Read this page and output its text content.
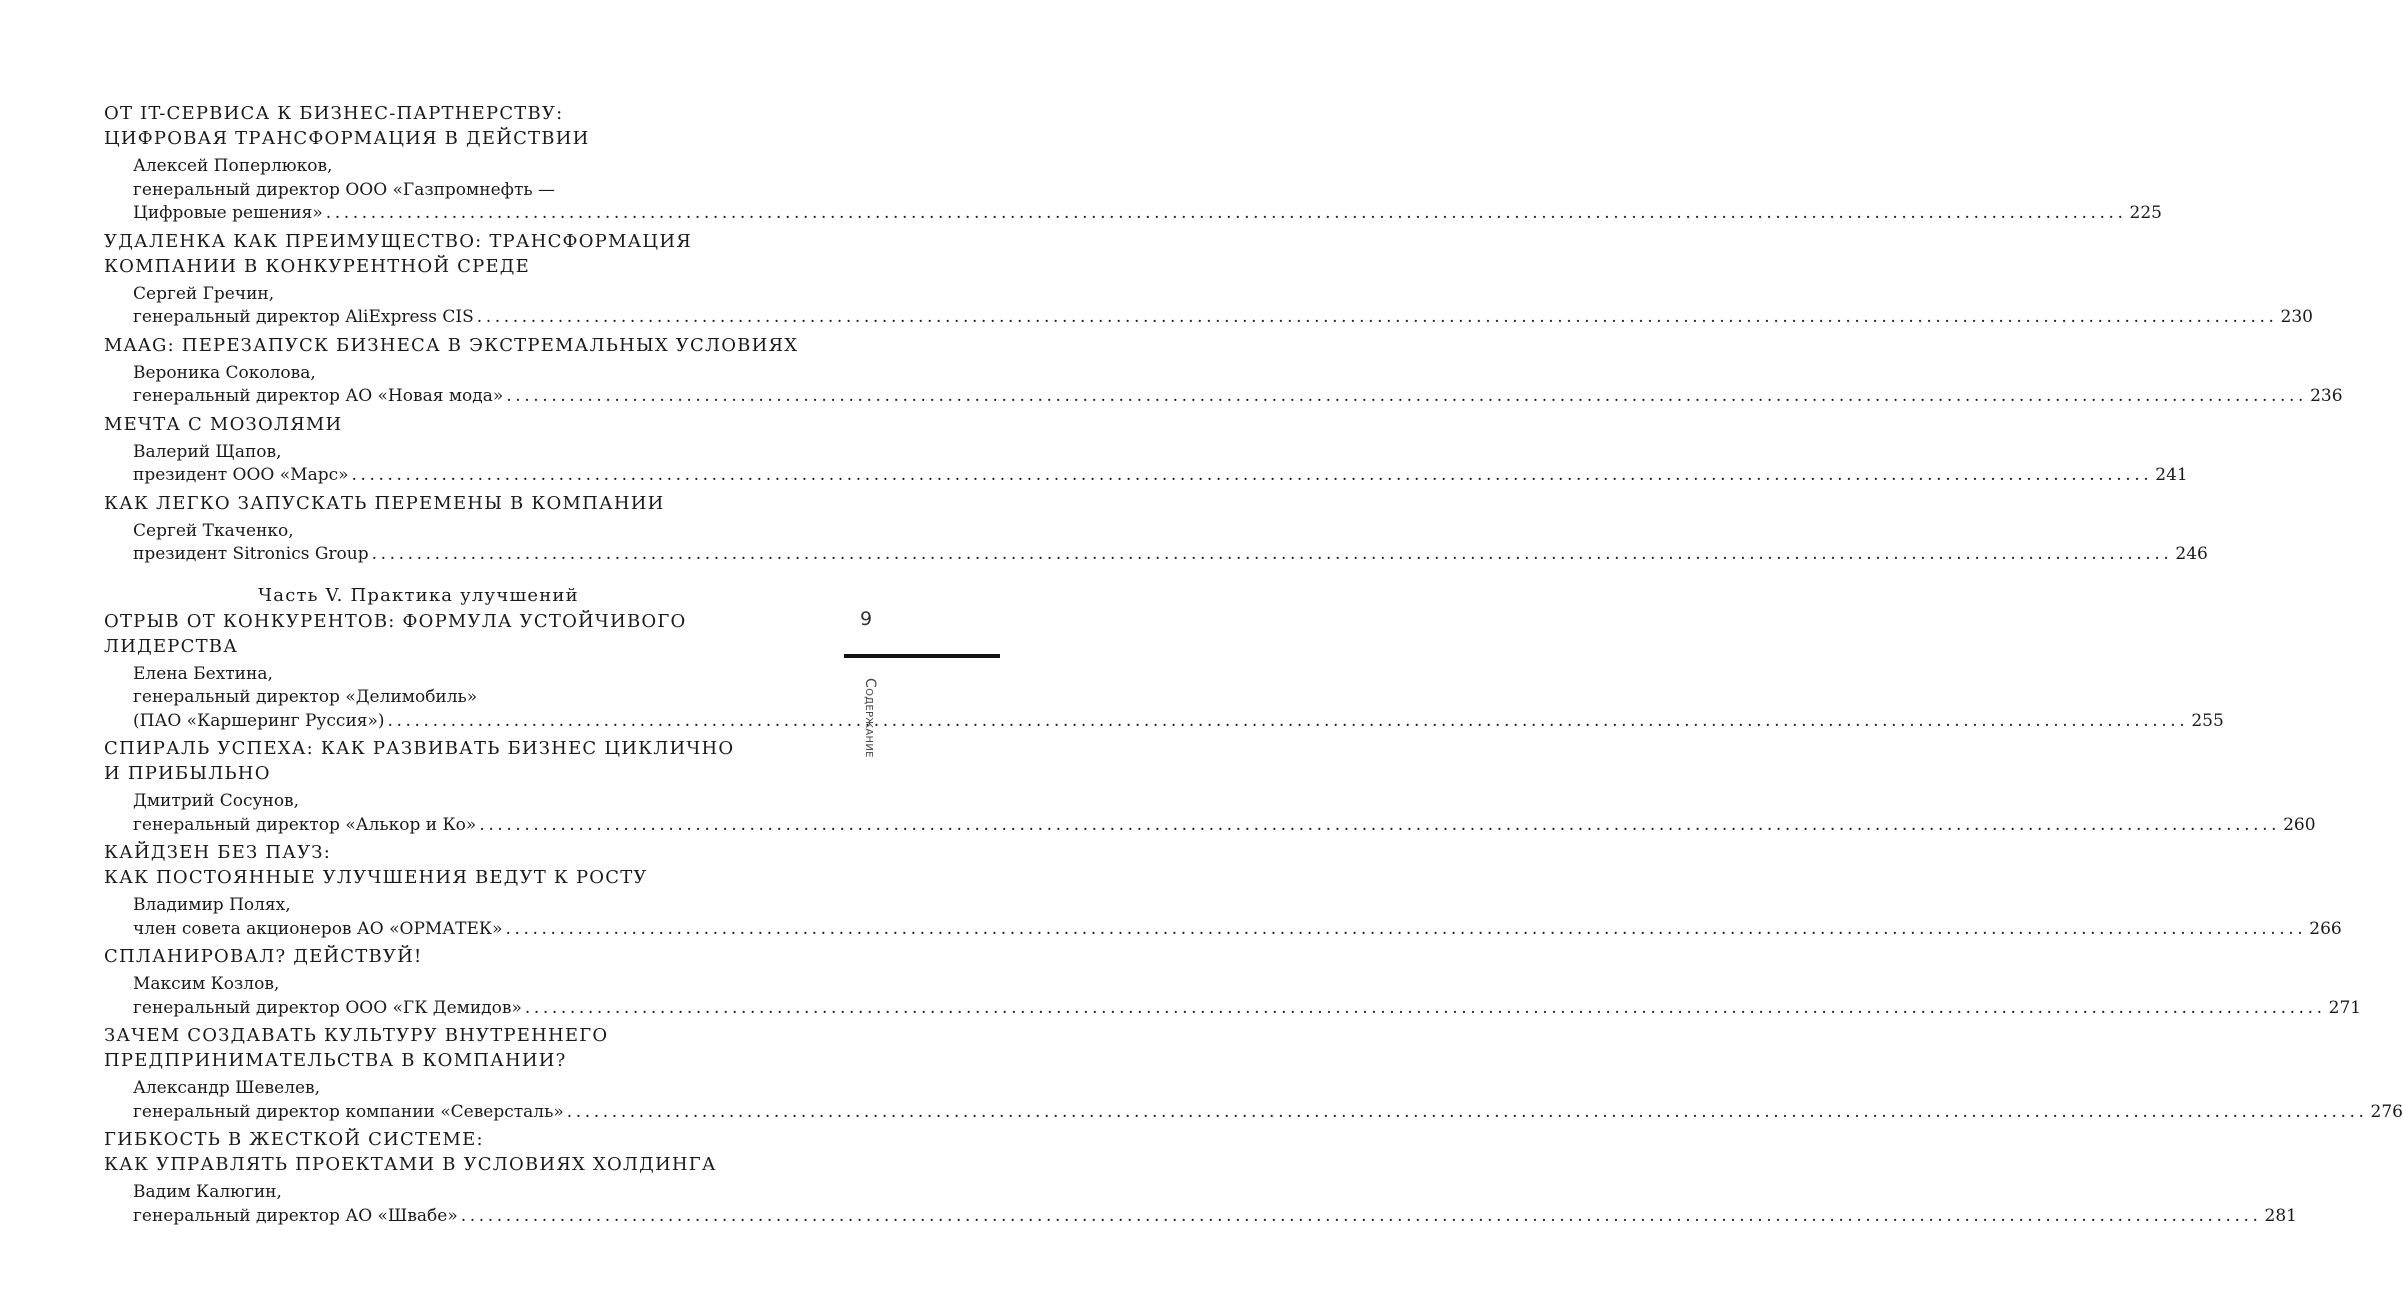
ОТ IT-СЕРВИСА К БИЗНЕС-ПАРТНЕРСТВУ:
ЦИФРОВАЯ ТРАНСФОРМАЦИЯ В ДЕЙСТВИИ
Алексей Поперлюков,
генеральный директор ООО «Газпромнефть —
Цифровые решения» ........................................................................................................................................................................................................ 225
УДАЛЕНКА КАК ПРЕИМУЩЕСТВО: ТРАНСФОРМАЦИЯ
КОМПАНИИ В КОНКУРЕНТНОЙ СРЕДЕ
Сергей Гречин,
генеральный директор AliExpress CIS ........................................................................................................................................................................................................ 230
MAAG: ПЕРЕЗАПУСК БИЗНЕСА В ЭКСТРЕМАЛЬНЫХ УСЛОВИЯХ
Вероника Соколова,
генеральный директор АО «Новая мода» ........................................................................................................................................................................................................ 236
МЕЧТА С МОЗОЛЯМИ
Валерий Щапов,
президент ООО «Марс» ........................................................................................................................................................................................................ 241
КАК ЛЕГКО ЗАПУСКАТЬ ПЕРЕМЕНЫ В КОМПАНИИ
Сергей Ткаченко,
президент Sitronics Group ........................................................................................................................................................................................................ 246
Часть V. Практика улучшений
ОТРЫВ ОТ КОНКУРЕНТОВ: ФОРМУЛА УСТОЙЧИВОГО
ЛИДЕРСТВА
Елена Бехтина,
генеральный директор «Делимобиль»
(ПАО «Каршеринг Руссия») ........................................................................................................................................................................................................ 255
СПИРАЛЬ УСПЕХА: КАК РАЗВИВАТЬ БИЗНЕС ЦИКЛИЧНО
И ПРИБЫЛЬНО
Дмитрий Сосунов,
генеральный директор «Алькор и Ко» ........................................................................................................................................................................................................ 260
КАЙДЗЕН БЕЗ ПАУЗ:
КАК ПОСТОЯННЫЕ УЛУЧШЕНИЯ ВЕДУТ К РОСТУ
Владимир Полях,
член совета акционеров АО «ОРМАТЕК» ........................................................................................................................................................................................................ 266
СПЛАНИРОВАЛ? ДЕЙСТВУЙ!
Максим Козлов,
генеральный директор ООО «ГК Демидов» ........................................................................................................................................................................................................ 271
ЗАЧЕМ СОЗДАВАТЬ КУЛЬТУРУ ВНУТРЕННЕГО
ПРЕДПРИНИМАТЕЛЬСТВА В КОМПАНИИ?
Александр Шевелев,
генеральный директор компании «Северсталь» ........................................................................................................................................................................................................ 276
ГИБКОСТЬ В ЖЕСТКОЙ СИСТЕМЕ:
КАК УПРАВЛЯТЬ ПРОЕКТАМИ В УСЛОВИЯХ ХОЛДИНГА
Вадим Калюгин,
генеральный директор АО «Швабе» ........................................................................................................................................................................................................ 281
9
Содержание
